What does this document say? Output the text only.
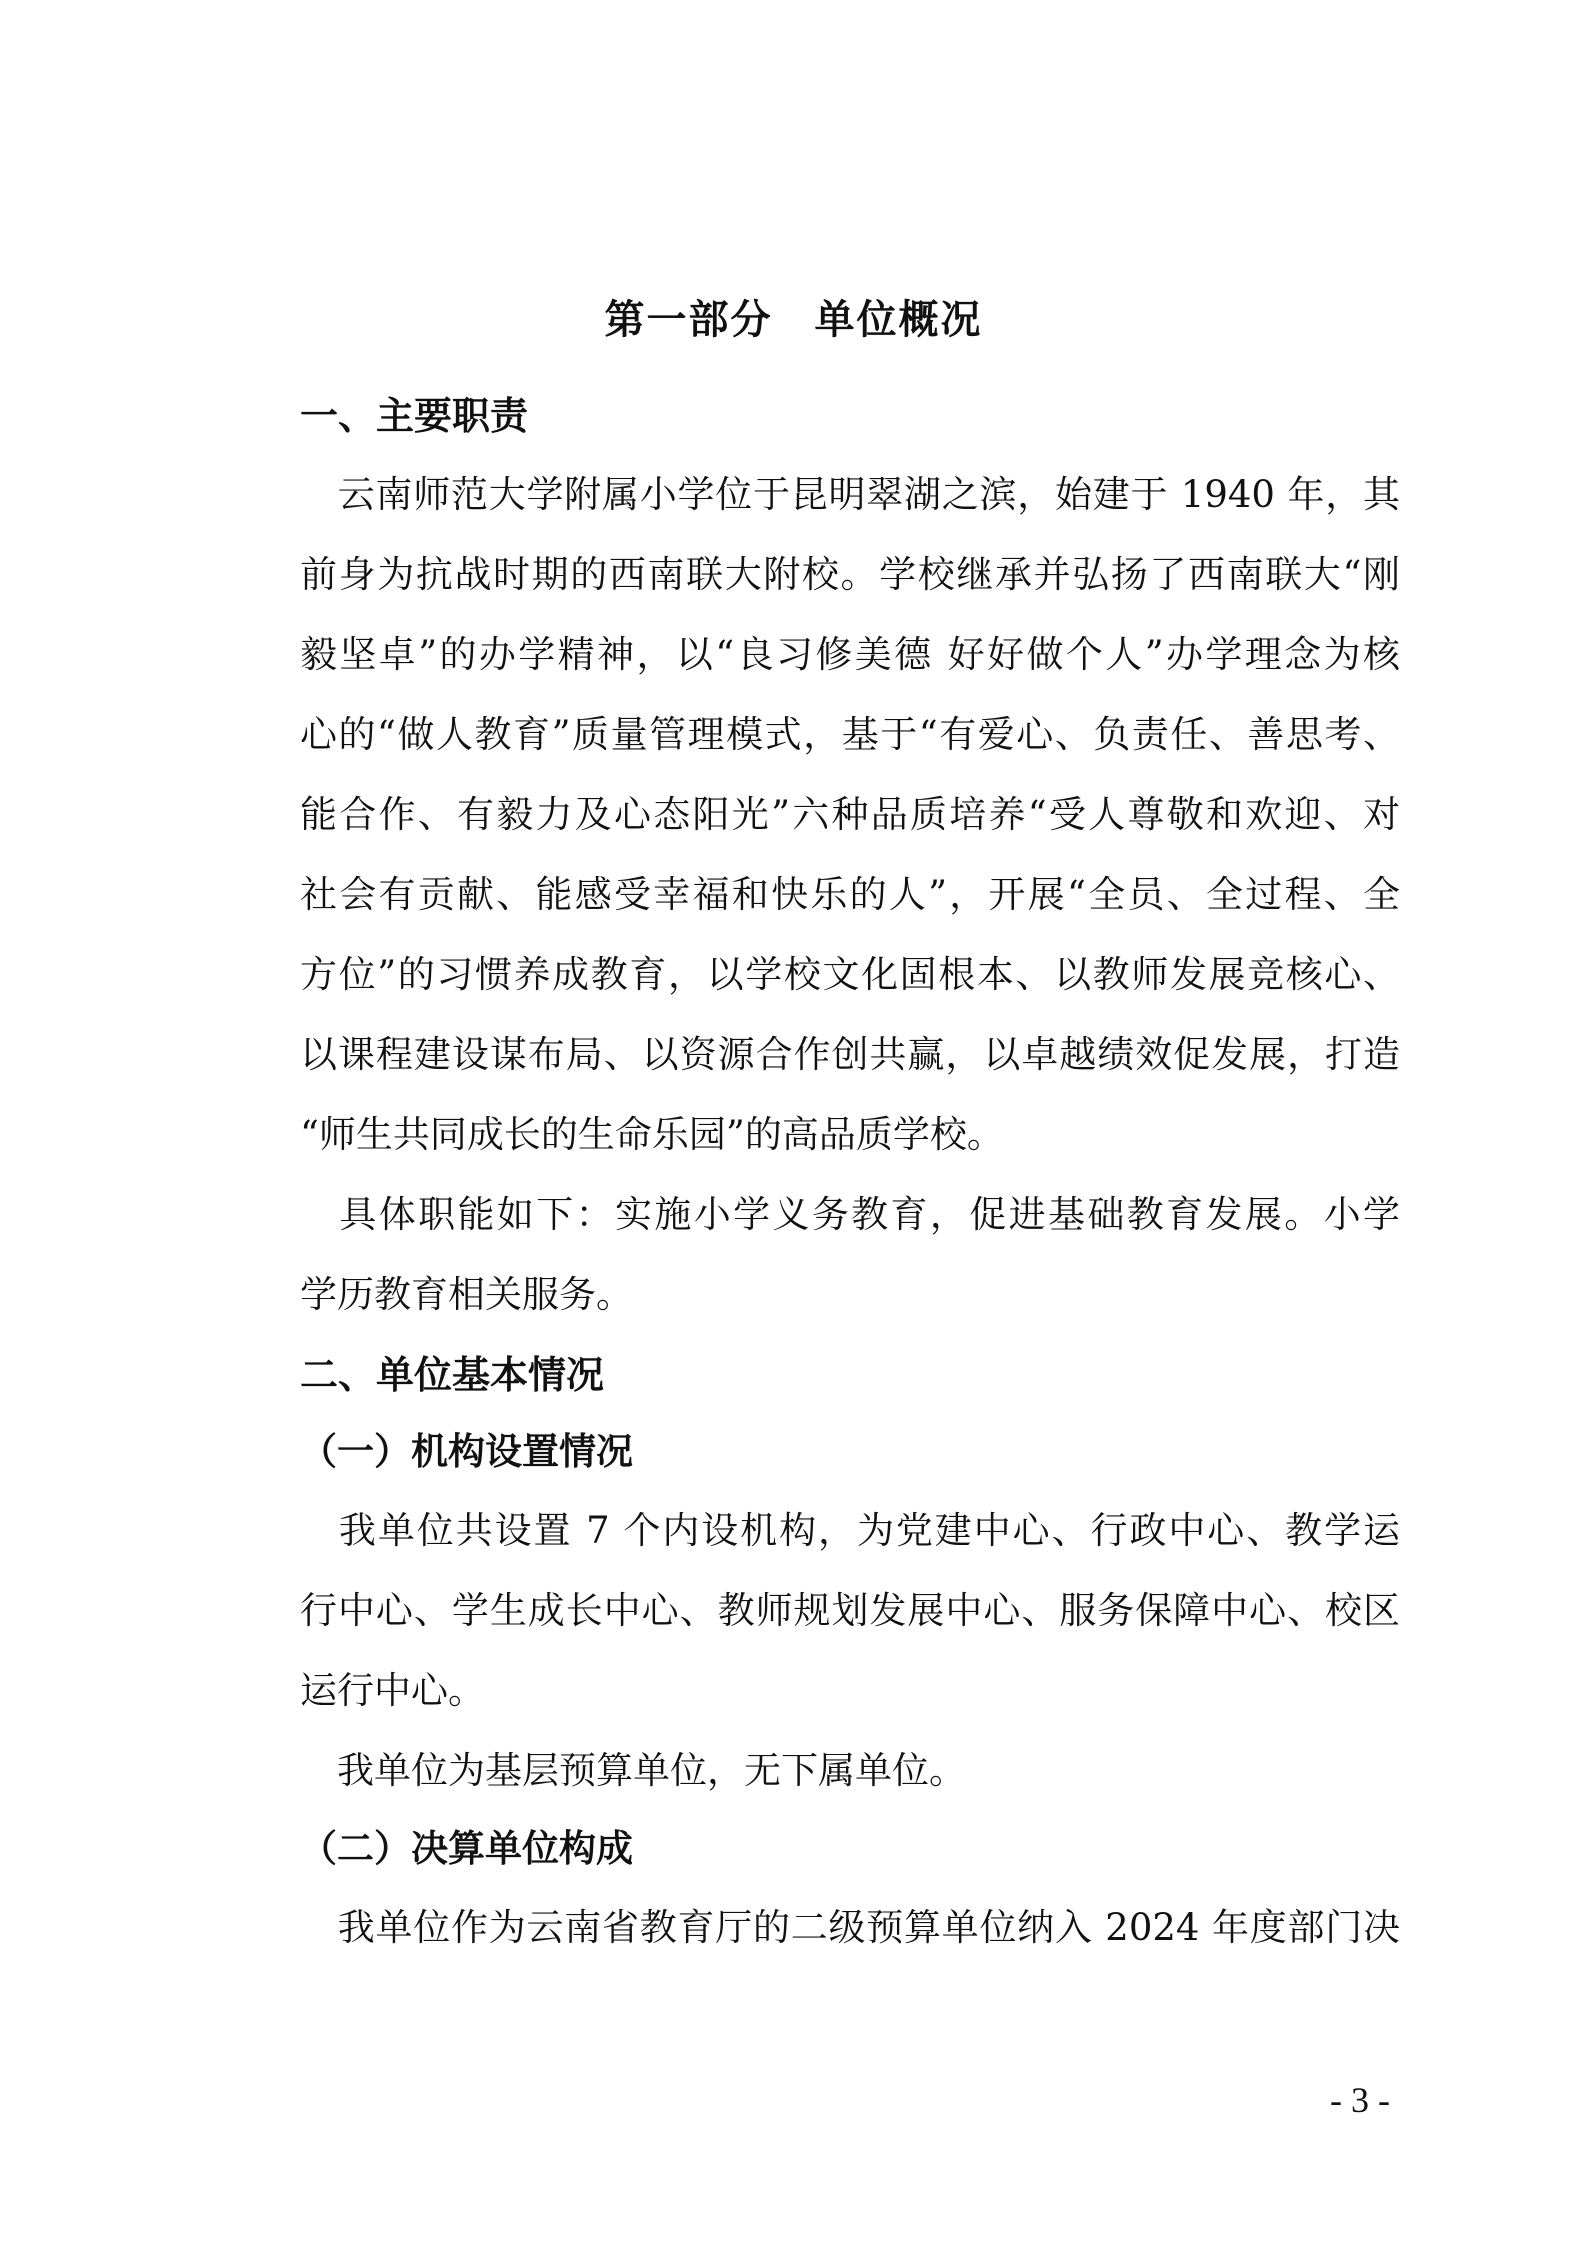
第一部分　单位概况
一、主要职责
　云南师范大学附属小学位于昆明翠湖之滨，始建于 1940 年，其
前身为抗战时期的西南联大附校。学校继承并弘扬了西南联大“刚
毅坚卓”的办学精神，以“良习修美德 好好做个人”办学理念为核
心的“做人教育”质量管理模式，基于“有爱心、负责任、善思考、
能合作、有毅力及心态阳光”六种品质培养“受人尊敬和欢迎、对
社会有贡献、能感受幸福和快乐的人”，开展“全员、全过程、全
方位”的习惯养成教育，以学校文化固根本、以教师发展竞核心、
以课程建设谋布局、以资源合作创共赢，以卓越绩效促发展，打造
“师生共同成长的生命乐园”的高品质学校。
　具体职能如下：实施小学义务教育，促进基础教育发展。小学
学历教育相关服务。
二、单位基本情况
（一）机构设置情况
　我单位共设置 7 个内设机构，为党建中心、行政中心、教学运
行中心、学生成长中心、教师规划发展中心、服务保障中心、校区
运行中心。
　我单位为基层预算单位，无下属单位。
（二）决算单位构成
　我单位作为云南省教育厅的二级预算单位纳入 2024 年度部门决
- 3 -
